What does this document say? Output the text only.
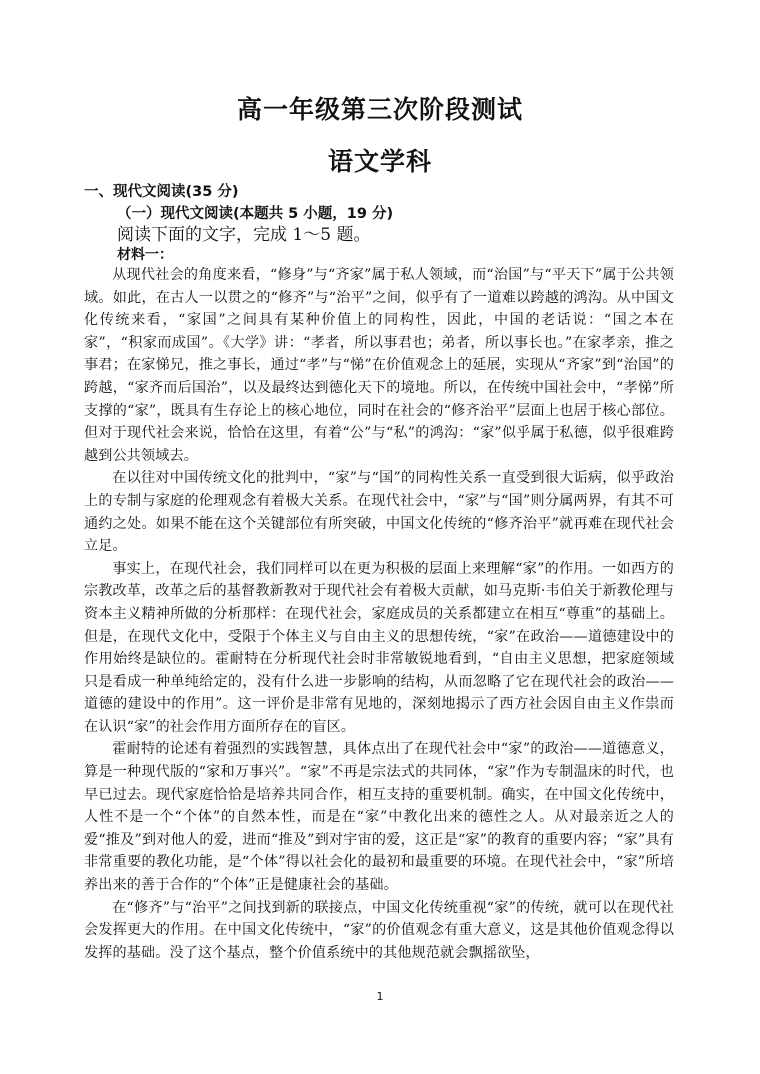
高一年级第三次阶段测试
语文学科
一、现代文阅读(35 分)
（一）现代文阅读(本题共 5 小题，19 分)
阅读下面的文字，完成 1～5 题。
材料一：

从现代社会的角度来看，“修身”与“齐家”属于私人领域，而“治国”与“平天下”属于公共领域。如此，在古人一以贯之的“修齐”与“治平”之间，似乎有了一道难以跨越的鸿沟。从中国文化传统来看，“家国”之间具有某种价值上的同构性，因此，中国的老话说：“国之本在家”，“积家而成国”。《大学》讲：“孝者，所以事君也；弟者，所以事长也。”在家孝亲，推之事君；在家悌兄，推之事长，通过“孝”与“悌”在价值观念上的延展，实现从“齐家”到“治国”的跨越，“家齐而后国治”，以及最终达到德化天下的境地。所以，在传统中国社会中，“孝悌”所支撑的“家”，既具有生存论上的核心地位，同时在社会的“修齐治平”层面上也居于核心部位。但对于现代社会来说，恰恰在这里，有着“公”与“私”的鸿沟：“家”似乎属于私德，似乎很难跨越到公共领域去。

在以往对中国传统文化的批判中，“家”与“国”的同构性关系一直受到很大诟病，似乎政治上的专制与家庭的伦理观念有着极大关系。在现代社会中，“家”与“国”则分属两界，有其不可通约之处。如果不能在这个关键部位有所突破，中国文化传统的“修齐治平”就再难在现代社会立足。

事实上，在现代社会，我们同样可以在更为积极的层面上来理解“家”的作用。一如西方的宗教改革，改革之后的基督教新教对于现代社会有着极大贡献，如马克斯·韦伯关于新教伦理与资本主义精神所做的分析那样：在现代社会，家庭成员的关系都建立在相互“尊重”的基础上。但是，在现代文化中，受限于个体主义与自由主义的思想传统，“家”在政治——道德建设中的作用始终是缺位的。霍耐特在分析现代社会时非常敏锐地看到，“自由主义思想，把家庭领域只是看成一种单纯给定的，没有什么进一步影响的结构，从而忽略了它在现代社会的政治——道德的建设中的作用”。这一评价是非常有见地的，深刻地揭示了西方社会因自由主义作祟而在认识“家”的社会作用方面所存在的盲区。

霍耐特的论述有着强烈的实践智慧，具体点出了在现代社会中“家”的政治——道德意义，算是一种现代版的“家和万事兴”。“家”不再是宗法式的共同体，“家”作为专制温床的时代，也早已过去。现代家庭恰恰是培养共同合作，相互支持的重要机制。确实，在中国文化传统中，人性不是一个“个体”的自然本性，而是在“家”中教化出来的德性之人。从对最亲近之人的爱“推及”到对他人的爱，进而“推及”到对宇宙的爱，这正是“家”的教育的重要内容；“家”具有非常重要的教化功能，是“个体”得以社会化的最初和最重要的环境。在现代社会中，“家”所培养出来的善于合作的“个体”正是健康社会的基础。

在“修齐”与“治平”之间找到新的联接点，中国文化传统重视“家”的传统，就可以在现代社会发挥更大的作用。在中国文化传统中，“家”的价值观念有重大意义，这是其他价值观念得以发挥的基础。没了这个基点，整个价值系统中的其他规范就会飘摇欲坠，

1
